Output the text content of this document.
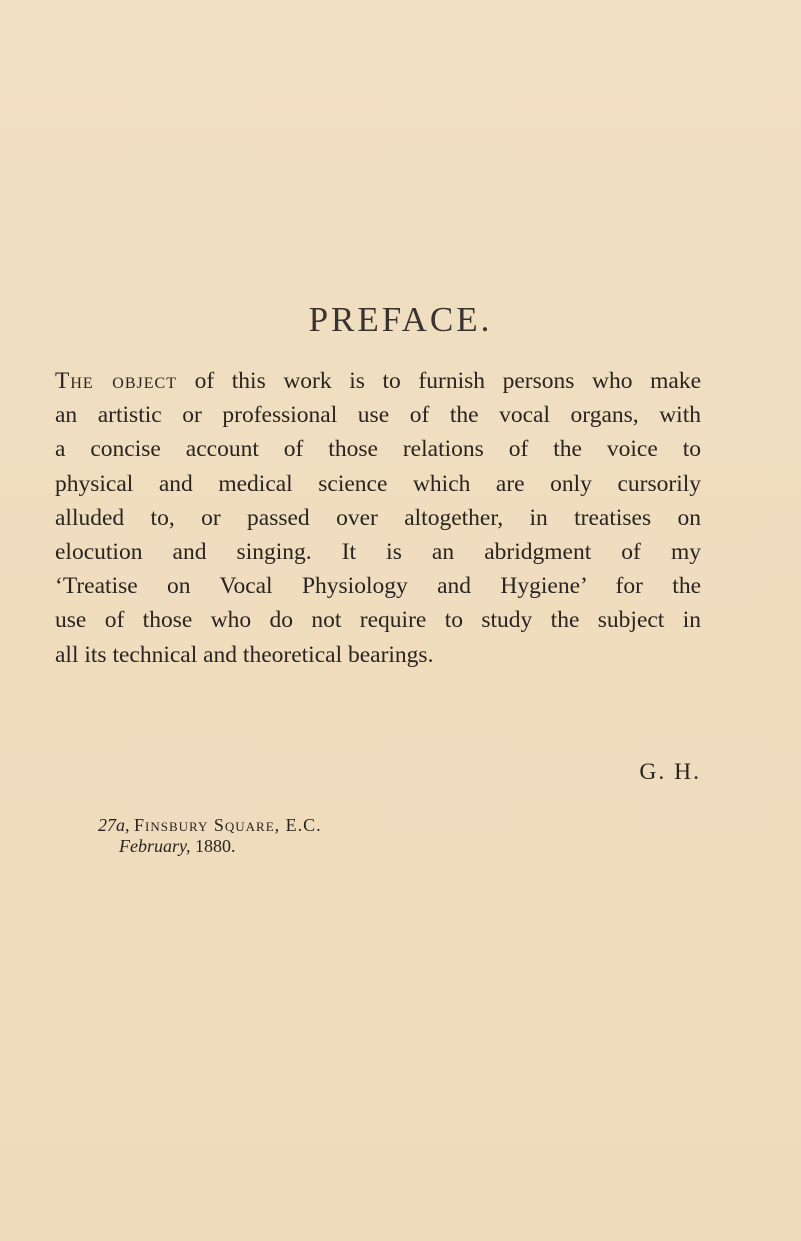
PREFACE.
The object of this work is to furnish persons who make
an artistic or professional use of the vocal organs, with
a concise account of those relations of the voice to
physical and medical science which are only cursorily
alluded to, or passed over altogether, in treatises on
elocution and singing. It is an abridgment of my
‘Treatise on Vocal Physiology and Hygiene’ for the
use of those who do not require to study the subject in
all its technical and theoretical bearings.

G. H.

27a, Finsbury Square, E.C.
February, 1880.
